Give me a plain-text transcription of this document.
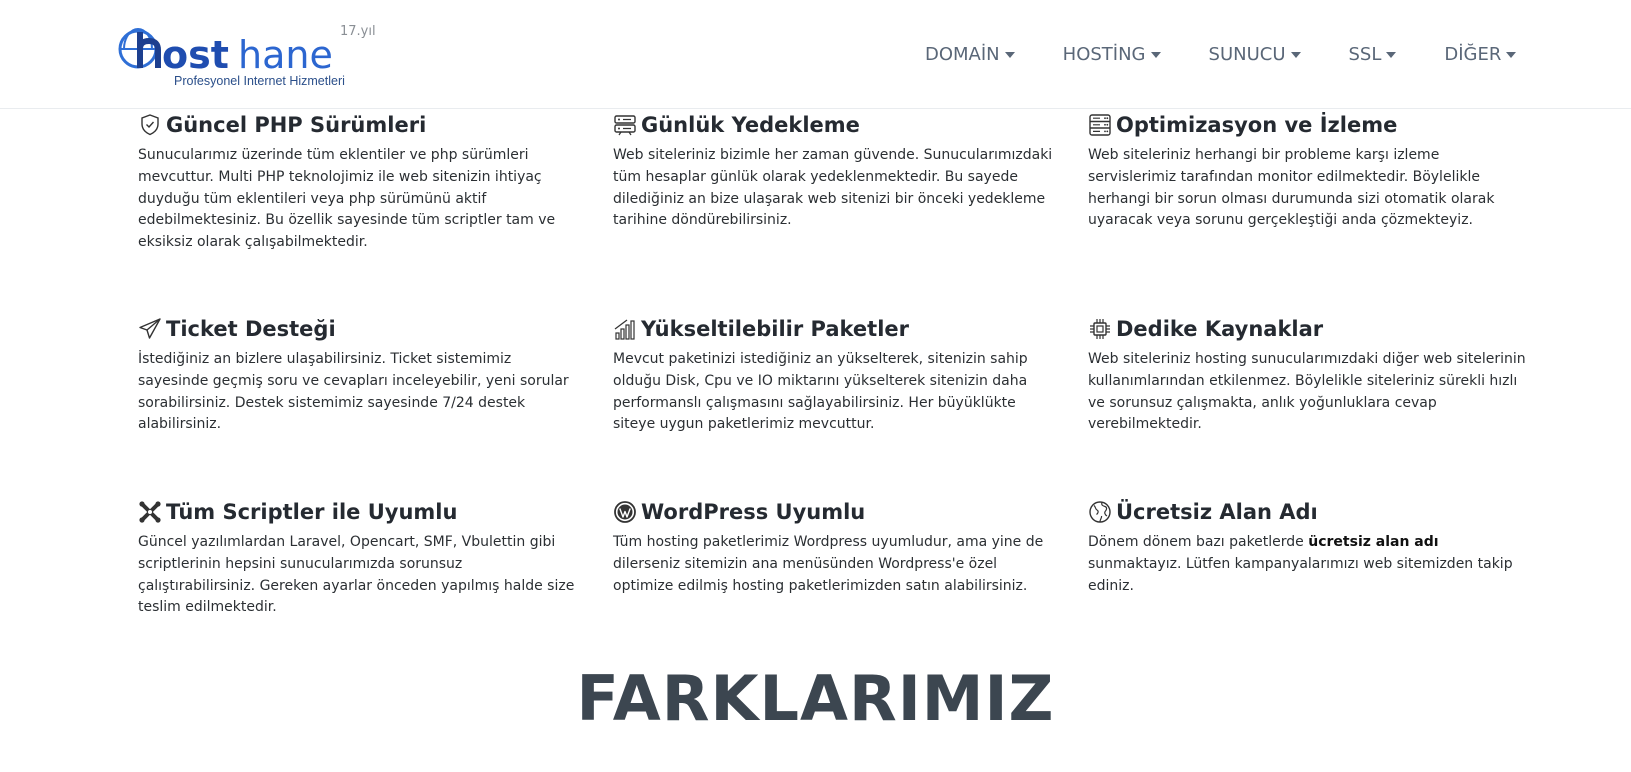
ost hane
17.yıl
Profesyonel Internet Hizmetleri
DOMAİN	HOSTİNG	SUNUCU	SSL	DİĞER
Güncel PHP Sürümleri

Sunucularımız üzerinde tüm eklentiler ve php sürümleri mevcuttur. Multi PHP teknolojimiz ile web sitenizin ihtiyaç duyduğu tüm eklentileri veya php sürümünü aktif edebilmektesiniz. Bu özellik sayesinde tüm scriptler tam ve eksiksiz olarak çalışabilmektedir.

Günlük Yedekleme

Web siteleriniz bizimle her zaman güvende. Sunucularımızdaki tüm hesaplar günlük olarak yedeklenmektedir. Bu sayede dilediğiniz an bize ulaşarak web sitenizi bir önceki yedekleme tarihine döndürebilirsiniz.

Optimizasyon ve İzleme

Web siteleriniz herhangi bir probleme karşı izleme servislerimiz tarafından monitor edilmektedir. Böylelikle herhangi bir sorun olması durumunda sizi otomatik olarak uyaracak veya sorunu gerçekleştiği anda çözmekteyiz.

Ticket Desteği

İstediğiniz an bizlere ulaşabilirsiniz. Ticket sistemimiz sayesinde geçmiş soru ve cevapları inceleyebilir, yeni sorular sorabilirsiniz. Destek sistemimiz sayesinde 7/24 destek alabilirsiniz.

Yükseltilebilir Paketler

Mevcut paketinizi istediğiniz an yükselterek, sitenizin sahip olduğu Disk, Cpu ve IO miktarını yükselterek sitenizin daha performanslı çalışmasını sağlayabilirsiniz. Her büyüklükte siteye uygun paketlerimiz mevcuttur.

Dedike Kaynaklar

Web siteleriniz hosting sunucularımızdaki diğer web sitelerinin kullanımlarından etkilenmez. Böylelikle siteleriniz sürekli hızlı ve sorunsuz çalışmakta, anlık yoğunluklara cevap verebilmektedir.

Tüm Scriptler ile Uyumlu

Güncel yazılımlardan Laravel, Opencart, SMF, Vbulettin gibi scriptlerinin hepsini sunucularımızda sorunsuz çalıştırabilirsiniz. Gereken ayarlar önceden yapılmış halde size teslim edilmektedir.

WordPress Uyumlu

Tüm hosting paketlerimiz Wordpress uyumludur, ama yine de dilerseniz sitemizin ana menüsünden Wordpress'e özel optimize edilmiş hosting paketlerimizden satın alabilirsiniz.

Ücretsiz Alan Adı

Dönem dönem bazı paketlerde ücretsiz alan adı sunmaktayız. Lütfen kampanyalarımızı web sitemizden takip ediniz.

FARKLARIMIZ
